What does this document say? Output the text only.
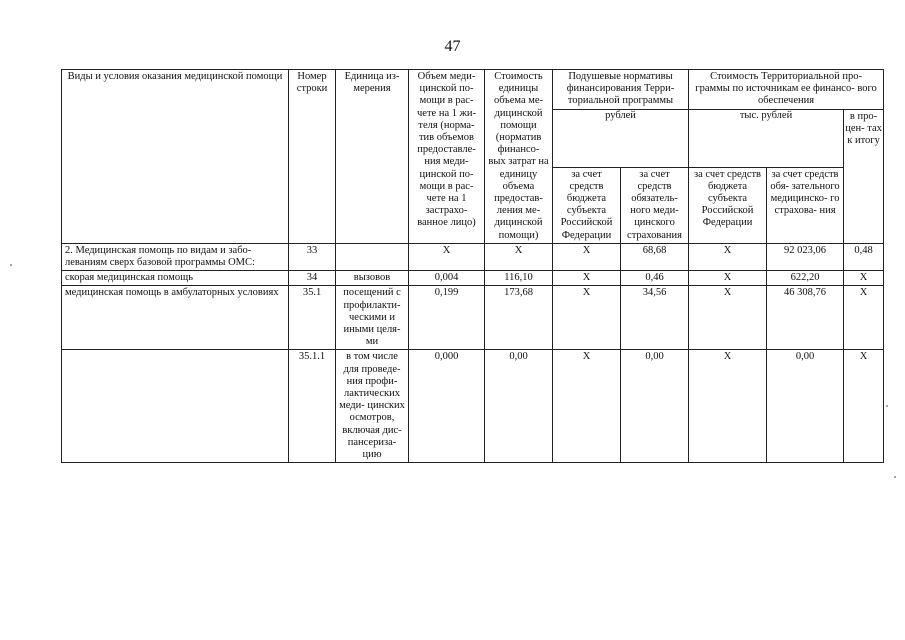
47
Виды и условия оказания медицинской помощи	Номер строки	Единица из- мерения	Объем меди- цинской по- мощи в рас- чете на 1 жи- теля (норма- тив объемов предоставле- ния меди- цинской по- мощи в рас- чете на 1 застрахо- ванное лицо)	Стоимость единицы объема ме- дицинской помощи (норматив финансо- вых затрат на единицу объема предостав- ления ме- дицинской помощи)	Подушевые нормативы финансирования Терри- ториальной программы		Стоимость Территориальной про- граммы по источникам ее финансо- вого обеспечения		
					рублей		тыс. рублей		в про- цен- тах к итогу
					за счет средств бюджета субъекта Российской Федерации	за счет средств обязатель- ного меди- цинского страхования	за счет средств бюджета субъекта Российской Федерации	за счет средств обя- зательного медицинско- го страхова- ния	
2. Медицинская помощь по видам и забо- леваниям сверх базовой программы ОМС:	33		Х	Х	Х	68,68	Х	92 023,06	0,48
скорая медицинская помощь	34	вызовов	0,004	116,10	Х	0,46	Х	622,20	Х
медицинская помощь в амбулаторных условиях	35.1	посещений с профилакти- ческими и иными целя- ми	0,199	173,68	Х	34,56	Х	46 308,76	Х
	35.1.1	в том числе для проведе- ния профи- лактических меди- цинских осмотров, включая дис- пансериза- цию	0,000	0,00	Х	0,00	Х	0,00	Х
